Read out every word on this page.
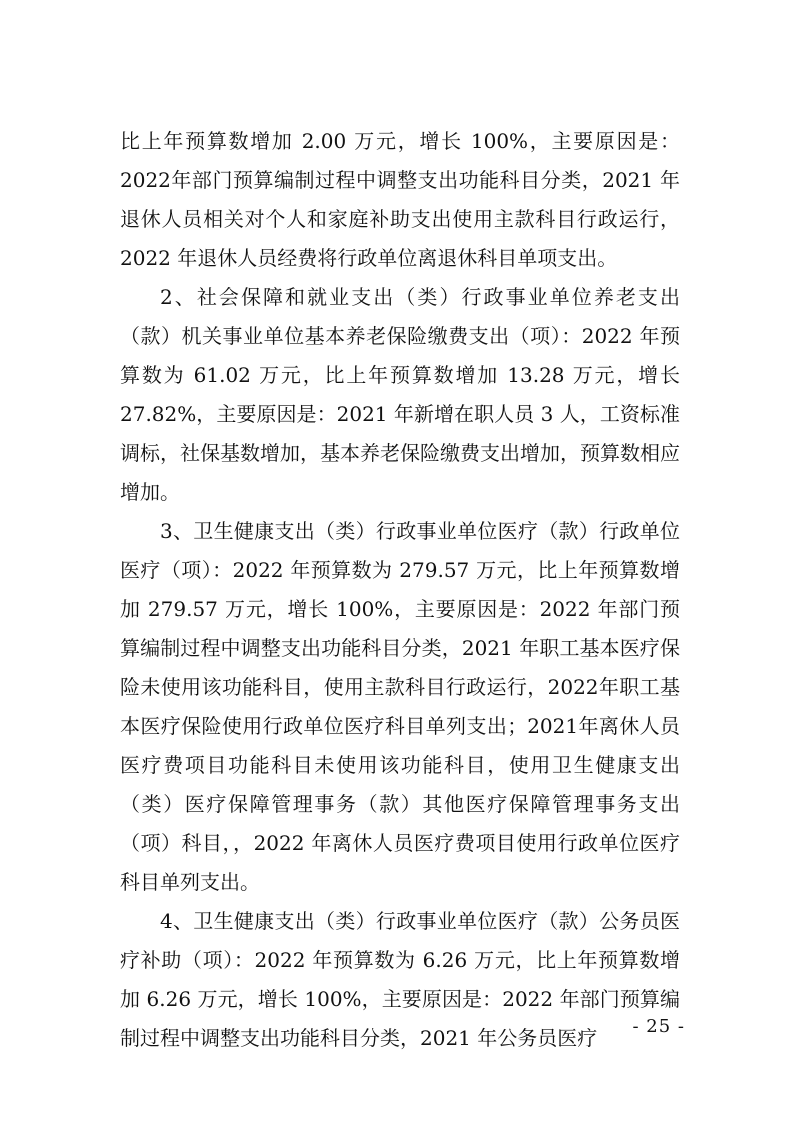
比上年预算数增加 2.00 万元，增长 100%，主要原因是：2022年部门预算编制过程中调整支出功能科目分类，2021 年退休人员相关对个人和家庭补助支出使用主款科目行政运行，2022 年退休人员经费将行政单位离退休科目单项支出。

2、社会保障和就业支出（类）行政事业单位养老支出（款）机关事业单位基本养老保险缴费支出（项）：2022 年预算数为 61.02 万元，比上年预算数增加 13.28 万元，增长27.82%，主要原因是：2021 年新增在职人员 3 人，工资标准调标，社保基数增加，基本养老保险缴费支出增加，预算数相应增加。

3、卫生健康支出（类）行政事业单位医疗（款）行政单位医疗（项）：2022 年预算数为 279.57 万元，比上年预算数增加 279.57 万元，增长 100%，主要原因是：2022 年部门预算编制过程中调整支出功能科目分类，2021 年职工基本医疗保险未使用该功能科目，使用主款科目行政运行，2022年职工基本医疗保险使用行政单位医疗科目单列支出；2021年离休人员医疗费项目功能科目未使用该功能科目，使用卫生健康支出（类）医疗保障管理事务（款）其他医疗保障管理事务支出（项）科目，，2022 年离休人员医疗费项目使用行政单位医疗科目单列支出。

4、卫生健康支出（类）行政事业单位医疗（款）公务员医疗补助（项）：2022 年预算数为 6.26 万元，比上年预算数增加 6.26 万元，增长 100%，主要原因是：2022 年部门预算编制过程中调整支出功能科目分类，2021 年公务员医疗	- 25 -
